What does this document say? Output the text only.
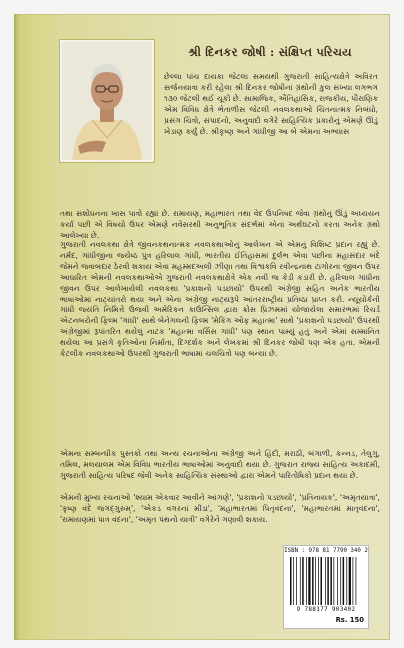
શ્રી દિનકર જોષી : સંક્ષિપ્ત પરિચય

છેલ્લા પાંચ દાયકા જેટલા સમયથી ગુજરાતી સાહિત્યક્ષેત્રે અવિરત સર્જનયાત્રા કરી રહેલા શ્રી દિનકર જોષીનાં ગ્રંથોની કુલ સંખ્યા લગભગ ૧૩૦ જેટલી થઈ ચૂકી છે. સામાજિક, ઐતિહાસિક, રાજકીય, પૌરાણિક એમ વિવિધ ક્ષેત્રે ભેતાળીસ જેટલી નવલકથાઓ ચિંતનાત્મક નિબંધો, પ્રસંગ ચિત્રો, સંપાદનો, અનુવાદો વગેરે સાહિત્યિક પ્રકારોનું એમણે ઊંડું ખેડાણ કર્યું છે. શ્રીકૃષ્ણ અને ગાંધીજી આ બે એમના અભ્યાસ

તથા સંશોધનના ખાસ પાત્રો રહ્યાં છે. રામાયણ, મહાભારત તથા વેદ ઉપનિષદ જેવા ગ્રંથોનું ઊંડું અધ્યયન કર્યા પછી એ વિષયો ઉપર એમણે નવેસરથી અનુભૂતિક સંદર્ભમાં એના અર્થઘટનો કરતા અનેક ગ્રંથો આલેખ્યા છે.

ગુજરાતી નવલકથા ક્ષેત્રે જીવનકથનાત્મક નવલકથાઓનું આલેખન એ એમનું વિશિષ્ટ પ્રદાન રહ્યું છે. નર્મદ, ગાંધીજીના જયેષ્ઠ પુત્ર હરિલાલ ગાંધી, ભારતીય ઈતિહાસમાં દુર્લભ એવા પછીના મહાસંદાર બંદે જેમને જવાબદાર ઠેરવી શકાય એવા મહમ્મદઅલી ઝીણા તથા વિશ્વકવિ રવીન્દ્રનાથ ટાગોરના જીવન ઉપર આધારિત એમની નવલકથાઓએ ગુજરાતી નવલકથાક્ષેત્રે એક નવી જ કેડી કંડારી છે. હરિલાલ ગાંધીના જીવન ઉપર આલેખાયેલી નવલકથા 'પ્રકાશનો પડછાયો' ઉપરથી અંગ્રેજી સહિત અનેક ભારતીય ભાષાઓમાં નાટ્યાંતરો થયા અને એના અંગ્રેજી નાટ્યરૂપે આંતરરાષ્ટ્રીય પ્રતિષ્ઠા પ્રાપ્ત કરી. ન્યૂયોર્કની ગાંધી જયંતિ નિમિત્તે ઉજવી અમેરિકન કાઉન્સિલ દ્વારા ક્રોસ પ્રિઝમમાં યોજાયેલા સમારંભમાં રિચર્ડ એટનબરોની ફિલ્મ 'ગાંધી' સાથે બેનેગલની ફિલ્મ 'મેકિંગ ઓફ મહાત્મા' સાથે 'પ્રકાશનો પડછાયો' ઉપરથી અંગ્રેજીમાં રૂપાંતરિત થયેલું નાટક 'મહાત્મા વર્સિસ ગાંધી' પણ સ્થાન પામ્યું હતું અને એમાં સમ્માનિત થયેલા આ પ્રસંગે કૃતિઓના નિર્માતા, દિગ્દર્શક અને લેખકમાં શ્રી દિનકર જોષી પણ એક હતા. એમની કેટલીક નવલકથાઓ ઉપરથી ગુજરાતી ભાષામાં ચલચિત્રો પણ બન્યા છે.

એમના સમ્બન્ધીક પુસ્તકો તથા અન્ય રચનાઓના અંગ્રેજી અને હિંદી, મરાઠી, બંગાળી, કન્નડ, તેલુગુ, તમિલ, મલયાલમ એમ વિવિધ ભારતીય ભાષાઓમાં અનુવાદો થયા છે. ગુજરાત રાજ્ય સાહિત્ય અકાદમી, ગુજરાતી સાહિત્ય પરિષદ જેવી અનેક સાહિત્યિક સંસ્થાઓ દ્વારા એમને પારિતોષિકો પ્રદાન થયા છે.

એમની મુખ્ય રચનાઓ 'શ્યામ એકવાર આવીને આંગણે', 'પ્રકાશનો પડછાયો', 'પ્રતિનાયક', 'અમૃતયાત્રા', 'કૃષ્ણ વંદે જગદ્ગુરુમ્', 'એકડ વગરનાં મીંડા', 'મહાભારતમાં પિતૃવંદના', 'મહાભારતમાં માતૃવંદના', 'રામાયણમાં પાત્ર વંદના', 'અમૃત પંથનો યાત્રી' વગેરેને ગણાવી શકાય.

ISBN : 978 81 7790 340 2
9 788177 903402
Rs. 150
